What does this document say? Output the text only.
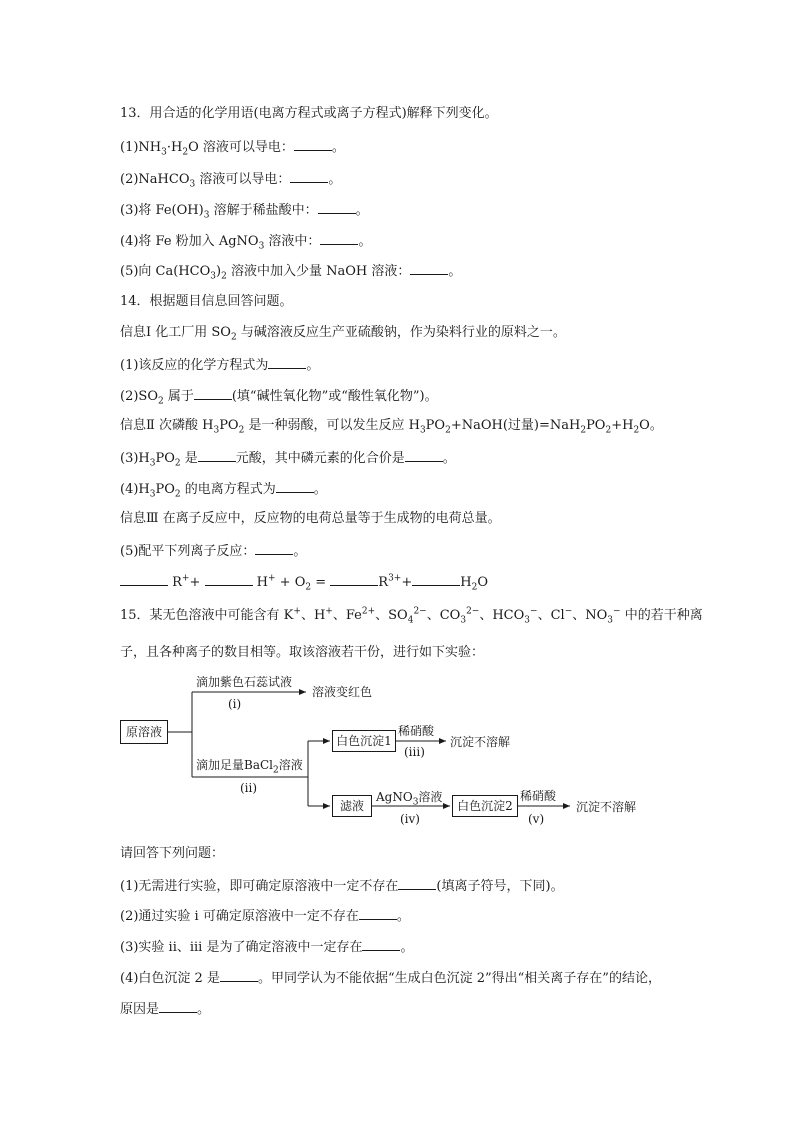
13．用合适的化学用语(电离方程式或离子方程式)解释下列变化。
$(1)NH_3\cdot H_2O$ 溶液可以导电：	。
(2)NaHCO$_3$ 溶液可以导电：	。
(3)将 $Fe(OH)_3$ 溶解于稀盐酸中：	。
(4)将 Fe 粉加入 AgNO$_3$ 溶液中：	。
(5)向 $Ca(HCO_3)_2$ 溶液中加入少量 NaOH 溶液：	。
14．根据题目信息回答问题。
信息Ⅰ 化工厂用 $SO_2$ 与碱溶液反应生产亚硫酸钠，作为染料行业的原料之一。
(1)该反应的化学方程式为	。
$(2)SO_2$ 属于	(填“碱性氧化物”或“酸性氧化物”)。
信息Ⅱ 次磷酸 $H_3PO_2$ 是一种弱酸，可以发生反应 $H_3PO_2+NaOH$(过量)$=NaH_2PO_2+H_2O$。
$(3)H_3PO_2$ 是	元酸，其中磷元素的化合价是	。
$(4)H_3PO_2$ 的电离方程式为	。
信息Ⅲ 在离子反应中，反应物的电荷总量等于生成物的电荷总量。
(5)配平下列离子反应：	。
R++	$H^+ + O_2$ =	$R^{3+}+$	$H_2O$
15．某无色溶液中可能含有 K+、H+、$Fe^{2+}$、$SO_4^{2-}$、$CO_3^{2-}$、$HCO_3^-$、Cl−、$NO_3^-$ 中的若干种离
子，且各种离子的数目相等。取该溶液若干份，进行如下实验：
原溶液
滴加紫色石蕊试液
(i)
溶液变红色
滴加足量BaCl$_2$溶液
(ii)
白色沉淀1
稀硝酸
(iii)
沉淀不溶解
滤液
AgNO$_3$溶液
(iv)
白色沉淀2
稀硝酸
(v)
沉淀不溶解
请回答下列问题：
(1)无需进行实验，即可确定原溶液中一定不存在	(填离子符号，下同)。
(2)通过实验 i 可确定原溶液中一定不存在	。
(3)实验 ii、iii 是为了确定溶液中一定存在	。
(4)白色沉淀 2 是	。甲同学认为不能依据“生成白色沉淀 2”得出“相关离子存在”的结论，
原因是	。
